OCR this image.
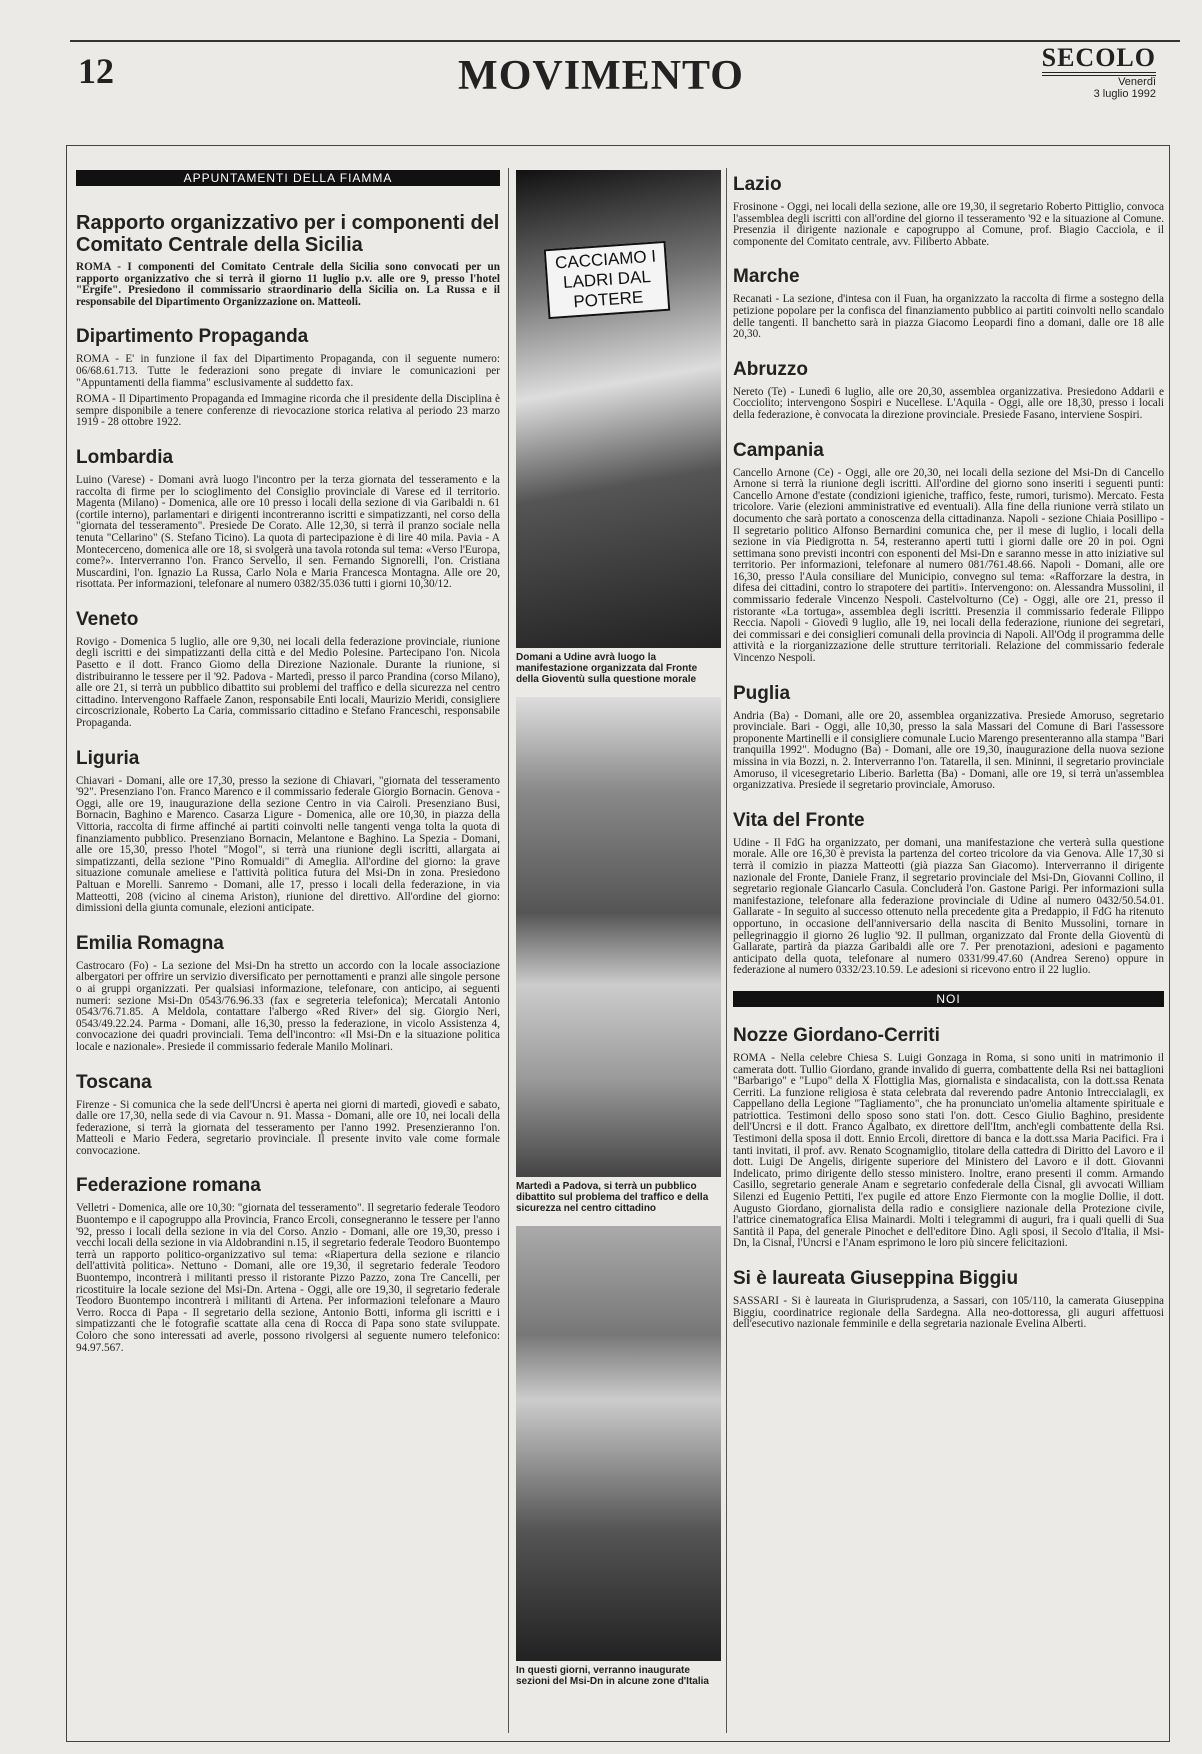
12	MOVIMENTO	SECOLO
Venerdì
3 luglio 1992
APPUNTAMENTI DELLA FIAMMA
Rapporto organizzativo per i componenti del Comitato Centrale della Sicilia

ROMA - I componenti del Comitato Centrale della Sicilia sono convocati per un rapporto organizzativo che si terrà il giorno 11 luglio p.v. alle ore 9, presso l'hotel "Ergife". Presiedono il commissario straordinario della Sicilia on. La Russa e il responsabile del Dipartimento Organizzazione on. Matteoli.

Dipartimento Propaganda

ROMA - E' in funzione il fax del Dipartimento Propaganda, con il seguente numero: 06/68.61.713. Tutte le federazioni sono pregate di inviare le comunicazioni per "Appuntamenti della fiamma" esclusivamente al suddetto fax.

ROMA - Il Dipartimento Propaganda ed Immagine ricorda che il presidente della Disciplina è sempre disponibile a tenere conferenze di rievocazione storica relativa al periodo 23 marzo 1919 - 28 ottobre 1922.

Lombardia

Luino (Varese) - Domani avrà luogo l'incontro per la terza giornata del tesseramento e la raccolta di firme per lo scioglimento del Consiglio provinciale di Varese ed il territorio. Magenta (Milano) - Domenica, alle ore 10 presso i locali della sezione di via Garibaldi n. 61 (cortile interno), parlamentari e dirigenti incontreranno iscritti e simpatizzanti, nel corso della "giornata del tesseramento". Presiede De Corato. Alle 12,30, si terrà il pranzo sociale nella tenuta "Cellarino" (S. Stefano Ticino). La quota di partecipazione è di lire 40 mila. Pavia - A Montecerceno, domenica alle ore 18, si svolgerà una tavola rotonda sul tema: «Verso l'Europa, come?». Interverranno l'on. Franco Servello, il sen. Fernando Signorelli, l'on. Cristiana Muscardini, l'on. Ignazio La Russa, Carlo Nola e Maria Francesca Montagna. Alle ore 20, risottata. Per informazioni, telefonare al numero 0382/35.036 tutti i giorni 10,30/12.

Veneto

Rovigo - Domenica 5 luglio, alle ore 9,30, nei locali della federazione provinciale, riunione degli iscritti e dei simpatizzanti della città e del Medio Polesine. Partecipano l'on. Nicola Pasetto e il dott. Franco Giomo della Direzione Nazionale. Durante la riunione, si distribuiranno le tessere per il '92. Padova - Martedì, presso il parco Prandina (corso Milano), alle ore 21, si terrà un pubblico dibattito sui problemi del traffico e della sicurezza nel centro cittadino. Intervengono Raffaele Zanon, responsabile Enti locali, Maurizio Meridi, consigliere circoscrizionale, Roberto La Caria, commissario cittadino e Stefano Franceschi, responsabile Propaganda.

Liguria

Chiavari - Domani, alle ore 17,30, presso la sezione di Chiavari, "giornata del tesseramento '92". Presenziano l'on. Franco Marenco e il commissario federale Giorgio Bornacin. Genova - Oggi, alle ore 19, inaugurazione della sezione Centro in via Cairoli. Presenziano Busi, Bornacin, Baghino e Marenco. Casarza Ligure - Domenica, alle ore 10,30, in piazza della Vittoria, raccolta di firme affinché ai partiti coinvolti nelle tangenti venga tolta la quota di finanziamento pubblico. Presenziano Bornacin, Melantone e Baghino. La Spezia - Domani, alle ore 15,30, presso l'hotel "Mogol", si terrà una riunione degli iscritti, allargata ai simpatizzanti, della sezione "Pino Romualdi" di Ameglia. All'ordine del giorno: la grave situazione comunale ameliese e l'attività politica futura del Msi-Dn in zona. Presiedono Paltuan e Morelli. Sanremo - Domani, alle 17, presso i locali della federazione, in via Matteotti, 208 (vicino al cinema Ariston), riunione del direttivo. All'ordine del giorno: dimissioni della giunta comunale, elezioni anticipate.

Emilia Romagna

Castrocaro (Fo) - La sezione del Msi-Dn ha stretto un accordo con la locale associazione albergatori per offrire un servizio diversificato per pernottamenti e pranzi alle singole persone o ai gruppi organizzati. Per qualsiasi informazione, telefonare, con anticipo, ai seguenti numeri: sezione Msi-Dn 0543/76.96.33 (fax e segreteria telefonica); Mercatali Antonio 0543/76.71.85. A Meldola, contattare l'albergo «Red River» del sig. Giorgio Neri, 0543/49.22.24. Parma - Domani, alle 16,30, presso la federazione, in vicolo Assistenza 4, convocazione dei quadri provinciali. Tema dell'incontro: «Il Msi-Dn e la situazione politica locale e nazionale». Presiede il commissario federale Manilo Molinari.

Toscana

Firenze - Si comunica che la sede dell'Uncrsi è aperta nei giorni di martedì, giovedì e sabato, dalle ore 17,30, nella sede di via Cavour n. 91. Massa - Domani, alle ore 10, nei locali della federazione, si terrà la giornata del tesseramento per l'anno 1992. Presenzieranno l'on. Matteoli e Mario Federa, segretario provinciale. Il presente invito vale come formale convocazione.

Federazione romana

Velletri - Domenica, alle ore 10,30: "giornata del tesseramento". Il segretario federale Teodoro Buontempo e il capogruppo alla Provincia, Franco Ercoli, consegneranno le tessere per l'anno '92, presso i locali della sezione in via del Corso. Anzio - Domani, alle ore 19,30, presso i vecchi locali della sezione in via Aldobrandini n.15, il segretario federale Teodoro Buontempo terrà un rapporto politico-organizzativo sul tema: «Riapertura della sezione e rilancio dell'attività politica». Nettuno - Domani, alle ore 19,30, il segretario federale Teodoro Buontempo, incontrerà i militanti presso il ristorante Pizzo Pazzo, zona Tre Cancelli, per ricostituire la locale sezione del Msi-Dn. Artena - Oggi, alle ore 19,30, il segretario federale Teodoro Buontempo incontrerà i militanti di Artena. Per informazioni telefonare a Mauro Verro. Rocca di Papa - Il segretario della sezione, Antonio Botti, informa gli iscritti e i simpatizzanti che le fotografie scattate alla cena di Rocca di Papa sono state sviluppate. Coloro che sono interessati ad averle, possono rivolgersi al seguente numero telefonico: 94.97.567.

CACCIAMO I LADRI DAL POTERE
Domani a Udine avrà luogo la manifestazione organizzata dal Fronte della Gioventù sulla questione morale
Martedì a Padova, si terrà un pubblico dibattito sul problema del traffico e della sicurezza nel centro cittadino
In questi giorni, verranno inaugurate sezioni del Msi-Dn in alcune zone d'Italia
Lazio

Frosinone - Oggi, nei locali della sezione, alle ore 19,30, il segretario Roberto Pittiglio, convoca l'assemblea degli iscritti con all'ordine del giorno il tesseramento '92 e la situazione al Comune. Presenzia il dirigente nazionale e capogruppo al Comune, prof. Biagio Cacciola, e il componente del Comitato centrale, avv. Filiberto Abbate.

Marche

Recanati - La sezione, d'intesa con il Fuan, ha organizzato la raccolta di firme a sostegno della petizione popolare per la confisca del finanziamento pubblico ai partiti coinvolti nello scandalo delle tangenti. Il banchetto sarà in piazza Giacomo Leopardi fino a domani, dalle ore 18 alle 20,30.

Abruzzo

Nereto (Te) - Lunedì 6 luglio, alle ore 20,30, assemblea organizzativa. Presiedono Addarii e Cocciolito; intervengono Sospiri e Nucellese. L'Aquila - Oggi, alle ore 18,30, presso i locali della federazione, è convocata la direzione provinciale. Presiede Fasano, interviene Sospiri.

Campania

Cancello Arnone (Ce) - Oggi, alle ore 20,30, nei locali della sezione del Msi-Dn di Cancello Arnone si terrà la riunione degli iscritti. All'ordine del giorno sono inseriti i seguenti punti: Cancello Arnone d'estate (condizioni igieniche, traffico, feste, rumori, turismo). Mercato. Festa tricolore. Varie (elezioni amministrative ed eventuali). Alla fine della riunione verrà stilato un documento che sarà portato a conoscenza della cittadinanza. Napoli - sezione Chiaia Posillipo - Il segretario politico Alfonso Bernardini comunica che, per il mese di luglio, i locali della sezione in via Piedigrotta n. 54, resteranno aperti tutti i giorni dalle ore 20 in poi. Ogni settimana sono previsti incontri con esponenti del Msi-Dn e saranno messe in atto iniziative sul territorio. Per informazioni, telefonare al numero 081/761.48.66. Napoli - Domani, alle ore 16,30, presso l'Aula consiliare del Municipio, convegno sul tema: «Rafforzare la destra, in difesa dei cittadini, contro lo strapotere dei partiti». Intervengono: on. Alessandra Mussolini, il commissario federale Vincenzo Nespoli. Castelvolturno (Ce) - Oggi, alle ore 21, presso il ristorante «La tortuga», assemblea degli iscritti. Presenzia il commissario federale Filippo Reccia. Napoli - Giovedì 9 luglio, alle 19, nei locali della federazione, riunione dei segretari, dei commissari e dei consiglieri comunali della provincia di Napoli. All'Odg il programma delle attività e la riorganizzazione delle strutture territoriali. Relazione del commissario federale Vincenzo Nespoli.

Puglia

Andria (Ba) - Domani, alle ore 20, assemblea organizzativa. Presiede Amoruso, segretario provinciale. Bari - Oggi, alle 10,30, presso la sala Massari del Comune di Bari l'assessore proponente Martinelli e il consigliere comunale Lucio Marengo presenteranno alla stampa "Bari tranquilla 1992". Modugno (Ba) - Domani, alle ore 19,30, inaugurazione della nuova sezione missina in via Bozzi, n. 2. Interverranno l'on. Tatarella, il sen. Mininni, il segretario provinciale Amoruso, il vicesegretario Liberio. Barletta (Ba) - Domani, alle ore 19, si terrà un'assemblea organizzativa. Presiede il segretario provinciale, Amoruso.

Vita del Fronte

Udine - Il FdG ha organizzato, per domani, una manifestazione che verterà sulla questione morale. Alle ore 16,30 è prevista la partenza del corteo tricolore da via Genova. Alle 17,30 si terrà il comizio in piazza Matteotti (già piazza San Giacomo). Interverranno il dirigente nazionale del Fronte, Daniele Franz, il segretario provinciale del Msi-Dn, Giovanni Collino, il segretario regionale Giancarlo Casula. Concluderà l'on. Gastone Parigi. Per informazioni sulla manifestazione, telefonare alla federazione provinciale di Udine al numero 0432/50.54.01. Gallarate - In seguito al successo ottenuto nella precedente gita a Predappio, il FdG ha ritenuto opportuno, in occasione dell'anniversario della nascita di Benito Mussolini, tornare in pellegrinaggio il giorno 26 luglio '92. Il pullman, organizzato dal Fronte della Gioventù di Gallarate, partirà da piazza Garibaldi alle ore 7. Per prenotazioni, adesioni e pagamento anticipato della quota, telefonare al numero 0331/99.47.60 (Andrea Sereno) oppure in federazione al numero 0332/23.10.59. Le adesioni si ricevono entro il 22 luglio.

NOI
Nozze Giordano-Cerriti

ROMA - Nella celebre Chiesa S. Luigi Gonzaga in Roma, si sono uniti in matrimonio il camerata dott. Tullio Giordano, grande invalido di guerra, combattente della Rsi nei battaglioni "Barbarigo" e "Lupo" della X Flottiglia Mas, giornalista e sindacalista, con la dott.ssa Renata Cerriti. La funzione religiosa è stata celebrata dal reverendo padre Antonio Intreccialagli, ex Cappellano della Legione "Tagliamento", che ha pronunciato un'omelia altamente spirituale e patriottica. Testimoni dello sposo sono stati l'on. dott. Cesco Giulio Baghino, presidente dell'Uncrsi e il dott. Franco Agalbato, ex direttore dell'Itm, anch'egli combattente della Rsi. Testimoni della sposa il dott. Ennio Ercoli, direttore di banca e la dott.ssa Maria Pacifici. Fra i tanti invitati, il prof. avv. Renato Scognamiglio, titolare della cattedra di Diritto del Lavoro e il dott. Luigi De Angelis, dirigente superiore del Ministero del Lavoro e il dott. Giovanni Indelicato, primo dirigente dello stesso ministero. Inoltre, erano presenti il comm. Armando Casillo, segretario generale Anam e segretario confederale della Cisnal, gli avvocati William Silenzi ed Eugenio Pettiti, l'ex pugile ed attore Enzo Fiermonte con la moglie Dollie, il dott. Augusto Giordano, giornalista della radio e consigliere nazionale della Protezione civile, l'attrice cinematografica Elisa Mainardi. Molti i telegrammi di auguri, fra i quali quelli di Sua Santità il Papa, del generale Pinochet e dell'editore Dino. Agli sposi, il Secolo d'Italia, il Msi-Dn, la Cisnal, l'Uncrsi e l'Anam esprimono le loro più sincere felicitazioni.

Si è laureata Giuseppina Biggiu

SASSARI - Si è laureata in Giurisprudenza, a Sassari, con 105/110, la camerata Giuseppina Biggiu, coordinatrice regionale della Sardegna. Alla neo-dottoressa, gli auguri affettuosi dell'esecutivo nazionale femminile e della segretaria nazionale Evelina Alberti.
